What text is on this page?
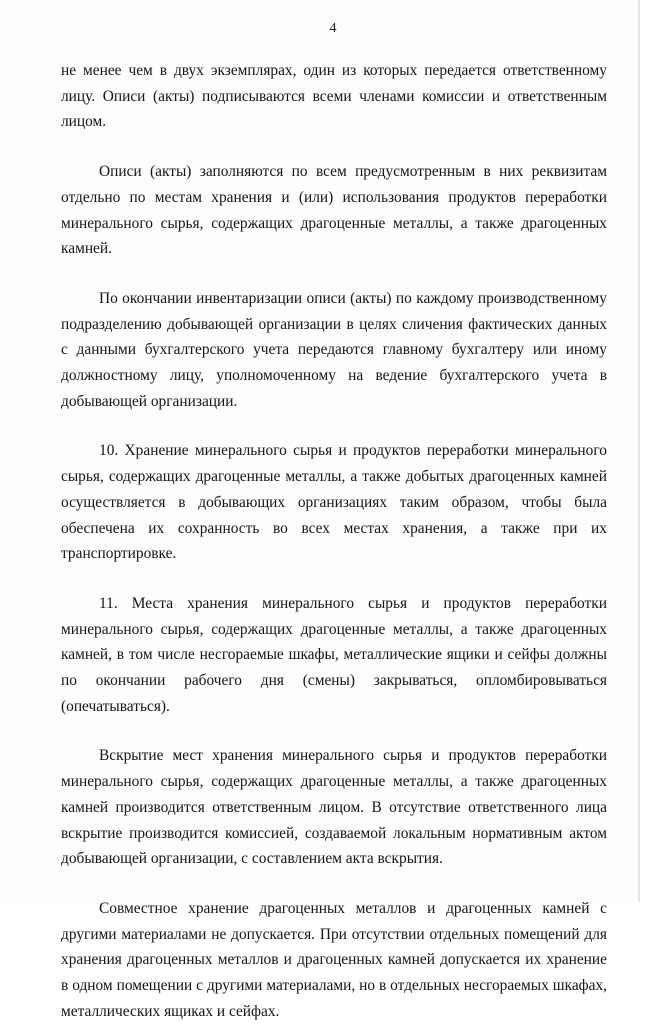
4

не менее чем в двух экземплярах, один из которых передается ответственному лицу. Описи (акты) подписываются всеми членами комиссии и ответственным лицом.

Описи (акты) заполняются по всем предусмотренным в них реквизитам отдельно по местам хранения и (или) использования продуктов переработки минерального сырья, содержащих драгоценные металлы, а также драгоценных камней.

По окончании инвентаризации описи (акты) по каждому производственному подразделению добывающей организации в целях сличения фактических данных с данными бухгалтерского учета передаются главному бухгалтеру или иному должностному лицу, уполномоченному на ведение бухгалтерского учета в добывающей организации.

10. Хранение минерального сырья и продуктов переработки минерального сырья, содержащих драгоценные металлы, а также добытых драгоценных камней осуществляется в добывающих организациях таким образом, чтобы была обеспечена их сохранность во всех местах хранения, а также при их транспортировке.

11. Места хранения минерального сырья и продуктов переработки минерального сырья, содержащих драгоценные металлы, а также драгоценных камней, в том числе несгораемые шкафы, металлические ящики и сейфы должны по окончании рабочего дня (смены) закрываться, опломбировываться (опечатываться).

Вскрытие мест хранения минерального сырья и продуктов переработки минерального сырья, содержащих драгоценные металлы, а также драгоценных камней производится ответственным лицом. В отсутствие ответственного лица вскрытие производится комиссией, создаваемой локальным нормативным актом добывающей организации, с составлением акта вскрытия.

Совместное хранение драгоценных металлов и драгоценных камней с другими материалами не допускается. При отсутствии отдельных помещений для хранения драгоценных металлов и драгоценных камней допускается их хранение в одном помещении с другими материалами, но в отдельных несгораемых шкафах, металлических ящиках и сейфах.
